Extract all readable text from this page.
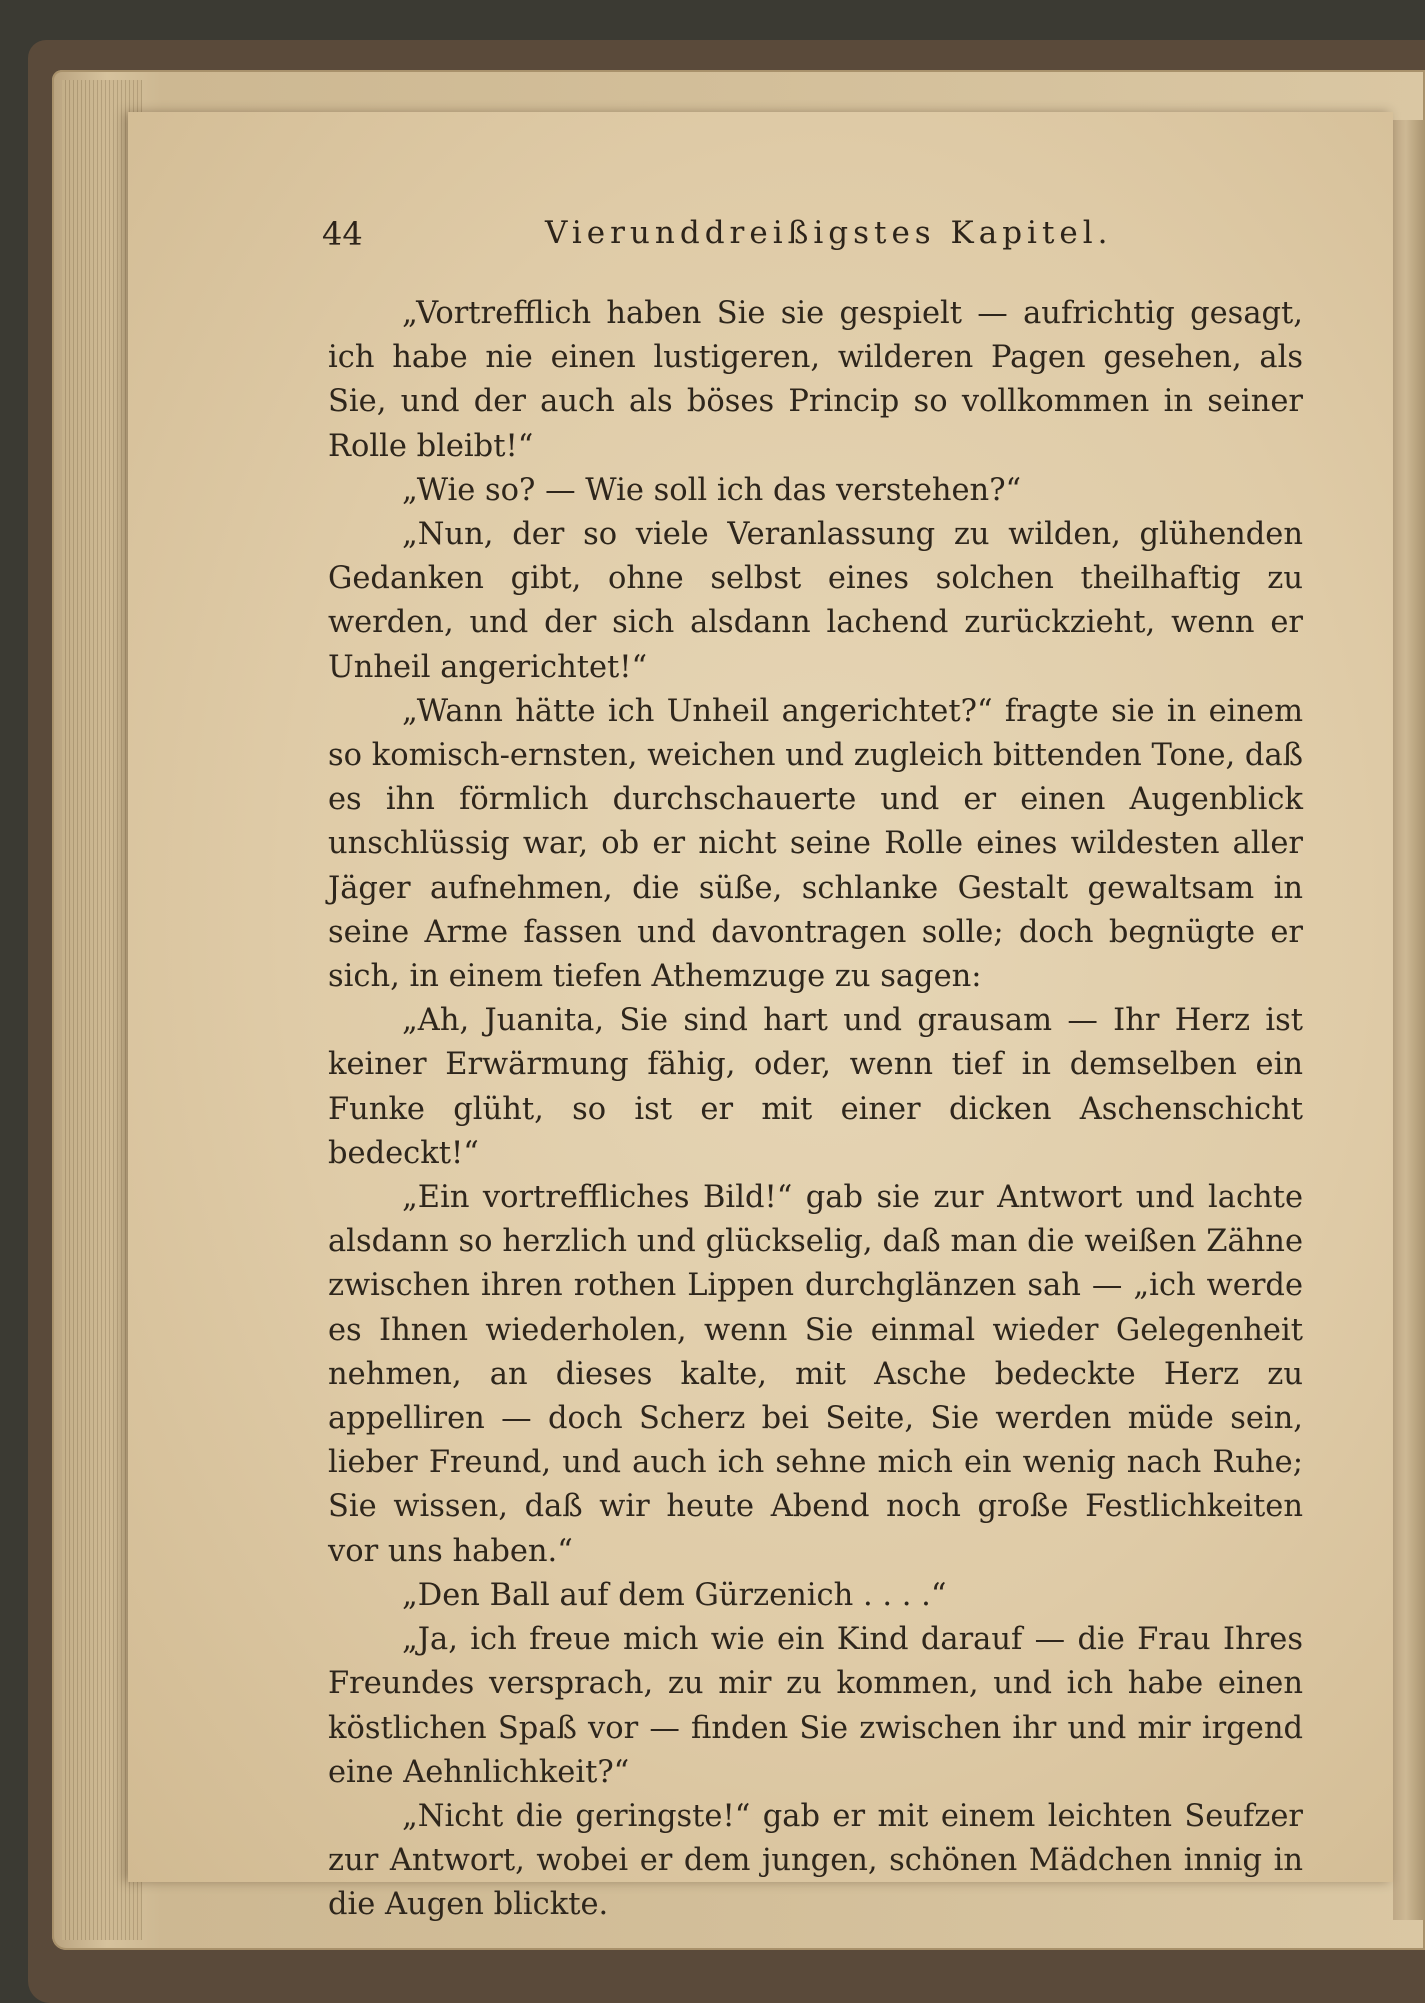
44	Vierunddreißigstes Kapitel.

„Vortrefflich haben Sie sie gespielt — aufrichtig gesagt, ich habe nie einen lustigeren, wilderen Pagen gesehen, als Sie, und der auch als böses Princip so vollkommen in seiner Rolle bleibt!“

„Wie so? — Wie soll ich das verstehen?“

„Nun, der so viele Veranlassung zu wilden, glühenden Gedanken gibt, ohne selbst eines solchen theilhaftig zu werden, und der sich alsdann lachend zurückzieht, wenn er Unheil angerichtet!“

„Wann hätte ich Unheil angerichtet?“ fragte sie in einem so komisch-ernsten, weichen und zugleich bittenden Tone, daß es ihn förmlich durchschauerte und er einen Augenblick unschlüssig war, ob er nicht seine Rolle eines wildesten aller Jäger aufnehmen, die süße, schlanke Gestalt gewaltsam in seine Arme fassen und davontragen solle; doch begnügte er sich, in einem tiefen Athemzuge zu sagen:

„Ah, Juanita, Sie sind hart und grausam — Ihr Herz ist keiner Erwärmung fähig, oder, wenn tief in demselben ein Funke glüht, so ist er mit einer dicken Aschenschicht bedeckt!“

„Ein vortreffliches Bild!“ gab sie zur Antwort und lachte alsdann so herzlich und glückselig, daß man die weißen Zähne zwischen ihren rothen Lippen durchglänzen sah — „ich werde es Ihnen wiederholen, wenn Sie einmal wieder Gelegenheit nehmen, an dieses kalte, mit Asche bedeckte Herz zu appelliren — doch Scherz bei Seite, Sie werden müde sein, lieber Freund, und auch ich sehne mich ein wenig nach Ruhe; Sie wissen, daß wir heute Abend noch große Festlichkeiten vor uns haben.“

„Den Ball auf dem Gürzenich . . . .“

„Ja, ich freue mich wie ein Kind darauf — die Frau Ihres Freundes versprach, zu mir zu kommen, und ich habe einen köstlichen Spaß vor — finden Sie zwischen ihr und mir irgend eine Aehnlichkeit?“

„Nicht die geringste!“ gab er mit einem leichten Seufzer zur Antwort, wobei er dem jungen, schönen Mädchen innig in die Augen blickte.
